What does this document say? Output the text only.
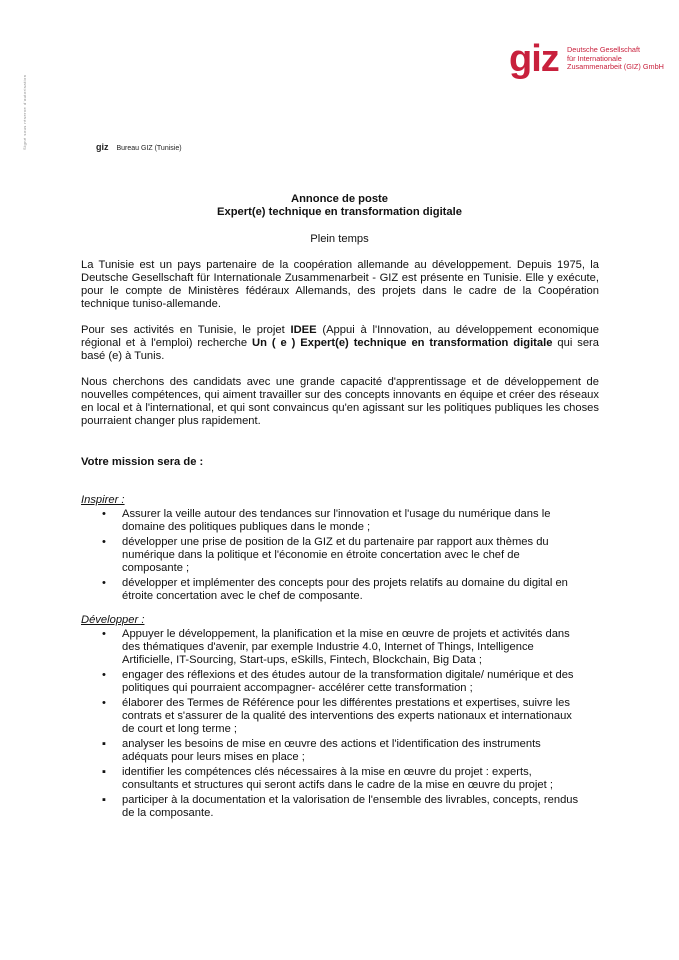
Signé sous réserve d'autorisation
giz Deutsche Gesellschaft
für Internationale
Zusammenarbeit (GIZ) GmbH
giz Bureau GIZ (Tunisie)
Annonce de poste
Expert(e) technique en transformation digitale
Plein temps

La Tunisie est un pays partenaire de la coopération allemande au développement. Depuis 1975, la Deutsche Gesellschaft für Internationale Zusammenarbeit - GIZ est présente en Tunisie. Elle y exécute, pour le compte de Ministères fédéraux Allemands, des projets dans le cadre de la Coopération technique tuniso-allemande.

Pour ses activités en Tunisie, le projet IDEE (Appui à l'Innovation, au développement economique régional et à l'emploi) recherche Un ( e ) Expert(e) technique en transformation digitale qui sera basé (e) à Tunis.

Nous cherchons des candidats avec une grande capacité d'apprentissage et de développement de nouvelles compétences, qui aiment travailler sur des concepts innovants en équipe et créer des réseaux en local et à l'international, et qui sont convaincus qu'en agissant sur les politiques publiques les choses pourraient changer plus rapidement.

Votre mission sera de :
Inspirer :
• Assurer la veille autour des tendances sur l'innovation et l'usage du numérique dans le domaine des politiques publiques dans le monde ;
• développer une prise de position de la GIZ et du partenaire par rapport aux thèmes du numérique dans la politique et l'économie en étroite concertation avec le chef de composante ;
• développer et implémenter des concepts pour des projets relatifs au domaine du digital en étroite concertation avec le chef de composante.
Développer :
• Appuyer le développement, la planification et la mise en œuvre de projets et activités dans des thématiques d'avenir, par exemple Industrie 4.0, Internet of Things, Intelligence Artificielle, IT-Sourcing, Start-ups, eSkills, Fintech, Blockchain, Big Data ;
• engager des réflexions et des études autour de la transformation digitale/ numérique et des politiques qui pourraient accompagner- accélérer cette transformation ;
• élaborer des Termes de Référence pour les différentes prestations et expertises, suivre les contrats et s'assurer de la qualité des interventions des experts nationaux et internationaux de court et long terme ;
▪ analyser les besoins de mise en œuvre des actions et l'identification des instruments adéquats pour leurs mises en place ;
▪ identifier les compétences clés nécessaires à la mise en œuvre du projet : experts, consultants et structures qui seront actifs dans le cadre de la mise en œuvre du projet ;
▪ participer à la documentation et la valorisation de l'ensemble des livrables, concepts, rendus de la composante.
